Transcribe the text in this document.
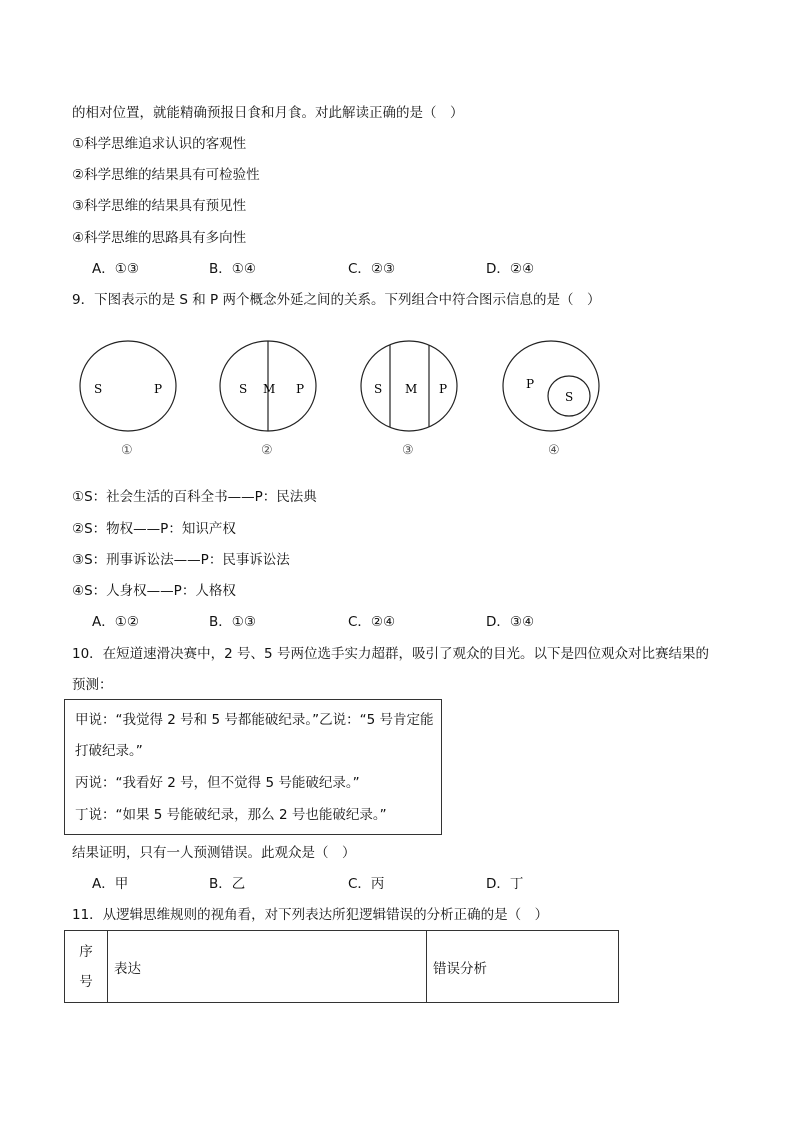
的相对位置，就能精确预报日食和月食。对此解读正确的是（　）
①科学思维追求认识的客观性
②科学思维的结果具有可检验性
③科学思维的结果具有预见性
④科学思维的思路具有多向性
A．①③	B．①④	C．②③	D．②④
9．下图表示的是 S 和 P 两个概念外延之间的关系。下列组合中符合图示信息的是（　）
S	P
①
S M P
②
S M P
③
P
S
④
①S：社会生活的百科全书——P：民法典
②S：物权——P：知识产权
③S：刑事诉讼法——P：民事诉讼法
④S：人身权——P：人格权
A．①②	B．①③	C．②④	D．③④
10．在短道速滑决赛中，2 号、5 号两位选手实力超群，吸引了观众的目光。以下是四位观众对比赛结果的
预测：
甲说：“我觉得 2 号和 5 号都能破纪录。”乙说：“5 号肯定能
打破纪录。”
丙说：“我看好 2 号，但不觉得 5 号能破纪录。”
丁说：“如果 5 号能破纪录，那么 2 号也能破纪录。”
结果证明，只有一人预测错误。此观众是（　）
A．甲	B．乙	C．丙	D．丁
11．从逻辑思维规则的视角看，对下列表达所犯逻辑错误的分析正确的是（　）
序
号
	表达	错误分析
